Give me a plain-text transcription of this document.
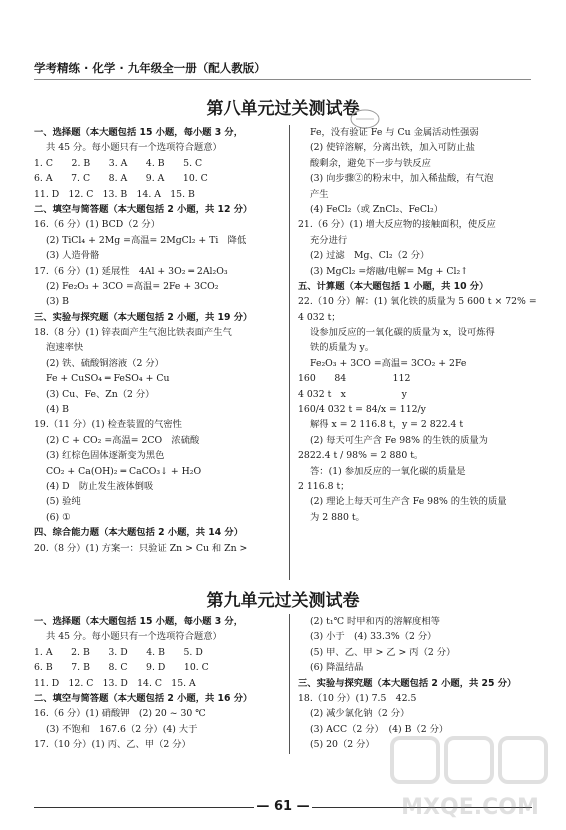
学考精练 · 化学 · 九年级全一册（配人教版）
第八单元过关测试卷
一、选择题（本大题包括 15 小题，每小题 3 分，
共 45 分。每小题只有一个选项符合题意）
1. C　　2. B　　3. A　　4. B　　5. C
6. A　　7. C　　8. A　　9. A　　10. C
11. D　12. C　13. B　14. A　15. B
二、填空与简答题（本大题包括 2 小题，共 12 分）
16.（6 分）(1) BCD（2 分）
(2) TiCl₄ + 2Mg =高温= 2MgCl₂ + Ti　降低
(3) 人造骨骼
17.（6 分）(1) 延展性　4Al + 3O₂ ═ 2Al₂O₃
(2) Fe₂O₃ + 3CO =高温= 2Fe + 3CO₂
(3) B
三、实验与探究题（本大题包括 2 小题，共 19 分）
18.（8 分）(1) 锌表面产生气泡比铁表面产生气
泡速率快
(2) 铁、硫酸铜溶液（2 分）
Fe + CuSO₄ ═ FeSO₄ + Cu
(3) Cu、Fe、Zn（2 分）
(4) B
19.（11 分）(1) 检查装置的气密性
(2) C + CO₂ =高温= 2CO　浓硫酸
(3) 红棕色固体逐渐变为黑色
CO₂ + Ca(OH)₂ ═ CaCO₃↓ + H₂O
(4) D　防止发生液体倒吸
(5) 验纯
(6) ①
四、综合能力题（本大题包括 2 小题，共 14 分）
20.（8 分）(1) 方案一：只验证 Zn > Cu 和 Zn >
Fe，没有验证 Fe 与 Cu 金属活动性强弱
(2) 使锌溶解，分离出铁，加入可防止盐
酸剩余，避免下一步与铁反应
(3) 向步骤②的粉末中，加入稀盐酸，有气泡
产生
(4) FeCl₂（或 ZnCl₂、FeCl₂）
21.（6 分）(1) 增大反应物的接触面积，使反应
充分进行
(2) 过滤　Mg、Cl₂（2 分）
(3) MgCl₂ =熔融/电解= Mg + Cl₂↑
五、计算题（本大题包括 1 小题，共 10 分）
22.（10 分）解：(1) 氧化铁的质量为 5 600 t × 72% =
4 032 t；
设参加反应的一氧化碳的质量为 x，设可炼得
铁的质量为 y。
Fe₂O₃ + 3CO =高温= 3CO₂ + 2Fe
160　　84　　　　　112
4 032 t　x　　　　　　y
160/4 032 t = 84/x = 112/y
解得 x = 2 116.8 t，y = 2 822.4 t
(2) 每天可生产含 Fe 98% 的生铁的质量为
2822.4 t / 98% = 2 880 t。
答：(1) 参加反应的一氧化碳的质量是
2 116.8 t；
(2) 理论上每天可生产含 Fe 98% 的生铁的质量
为 2 880 t。
第九单元过关测试卷
一、选择题（本大题包括 15 小题，每小题 3 分，
共 45 分。每小题只有一个选项符合题意）
1. A　　2. B　　3. D　　4. B　　5. D
6. B　　7. B　　8. C　　9. D　　10. C
11. D　12. C　13. D　14. C　15. A
二、填空与简答题（本大题包括 2 小题，共 16 分）
16.（6 分）(1) 硝酸钾　(2) 20 ~ 30 ℃
(3) 不饱和　167.6（2 分）(4) 大于
17.（10 分）(1) 丙、乙、甲（2 分）
(2) t₁℃ 时甲和丙的溶解度相等
(3) 小于　(4) 33.3%（2 分）
(5) 甲、乙、甲 > 乙 > 丙（2 分）
(6) 降温结晶
三、实验与探究题（本大题包括 2 小题，共 25 分）
18.（10 分）(1) 7.5　42.5
(2) 减少氯化钠（2 分）
(3) ACC（2 分）　(4) B（2 分）
(5) 20（2 分）
— 61 —	MXQE.COM
